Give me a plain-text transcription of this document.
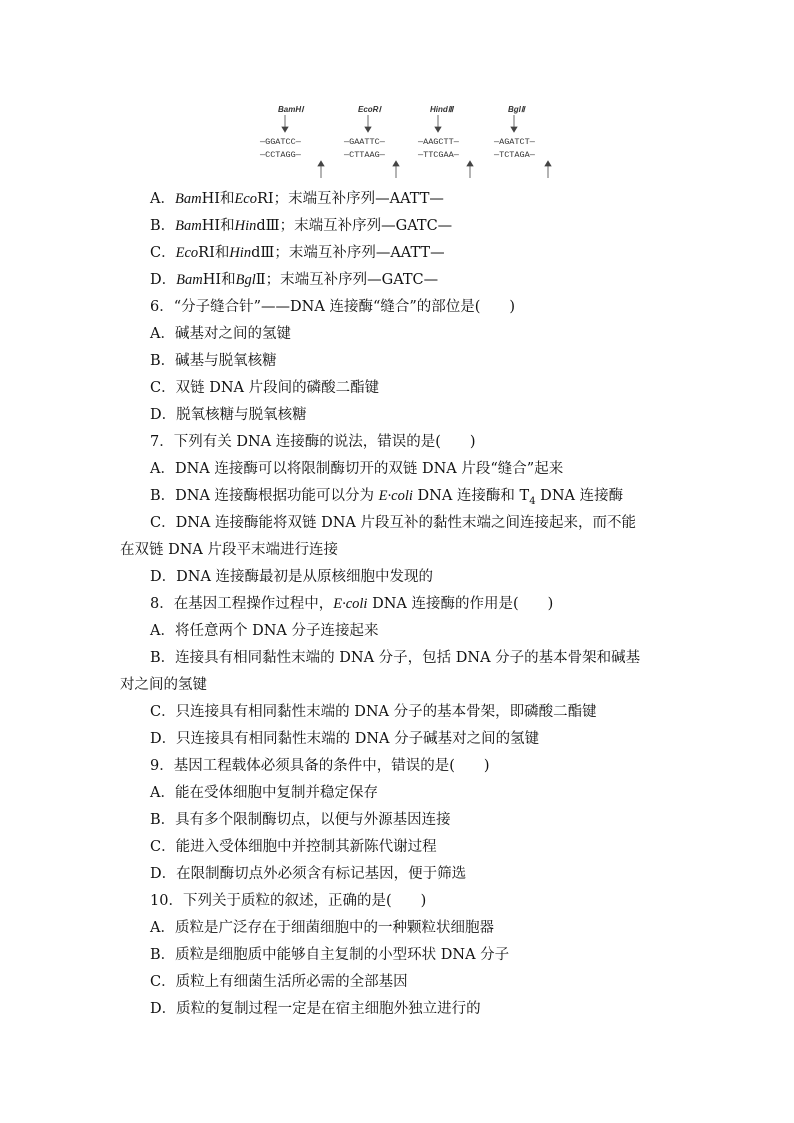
BamHⅠ	EcoRⅠ	HindⅢ	BglⅡ
—GGATCC—	—GAATTC—	—AAGCTT—	—AGATCT—
—CCTAGG—	—CTTAAG—	—TTCGAA—	—TCTAGA—
A．BamHⅠ和EcoRⅠ；末端互补序列—AATT—
B．BamHⅠ和HindⅢ；末端互补序列—GATC—
C．EcoRⅠ和HindⅢ；末端互补序列—AATT—
D．BamHⅠ和BglⅡ；末端互补序列—GATC—
6．“分子缝合针”——DNA 连接酶“缝合”的部位是(　　)
A．碱基对之间的氢键
B．碱基与脱氧核糖
C．双链 DNA 片段间的磷酸二酯键
D．脱氧核糖与脱氧核糖
7．下列有关 DNA 连接酶的说法，错误的是(　　)
A．DNA 连接酶可以将限制酶切开的双链 DNA 片段“缝合”起来
B．DNA 连接酶根据功能可以分为 E·coli DNA 连接酶和 $T_4$ DNA 连接酶
C．DNA 连接酶能将双链 DNA 片段互补的黏性末端之间连接起来，而不能
在双链 DNA 片段平末端进行连接
D．DNA 连接酶最初是从原核细胞中发现的
8．在基因工程操作过程中，E·coli DNA 连接酶的作用是(　　)
A．将任意两个 DNA 分子连接起来
B．连接具有相同黏性末端的 DNA 分子，包括 DNA 分子的基本骨架和碱基
对之间的氢键
C．只连接具有相同黏性末端的 DNA 分子的基本骨架，即磷酸二酯键
D．只连接具有相同黏性末端的 DNA 分子碱基对之间的氢键
9．基因工程载体必须具备的条件中，错误的是(　　)
A．能在受体细胞中复制并稳定保存
B．具有多个限制酶切点，以便与外源基因连接
C．能进入受体细胞中并控制其新陈代谢过程
D．在限制酶切点外必须含有标记基因，便于筛选
10．下列关于质粒的叙述，正确的是(　　)
A．质粒是广泛存在于细菌细胞中的一种颗粒状细胞器
B．质粒是细胞质中能够自主复制的小型环状 DNA 分子
C．质粒上有细菌生活所必需的全部基因
D．质粒的复制过程一定是在宿主细胞外独立进行的
